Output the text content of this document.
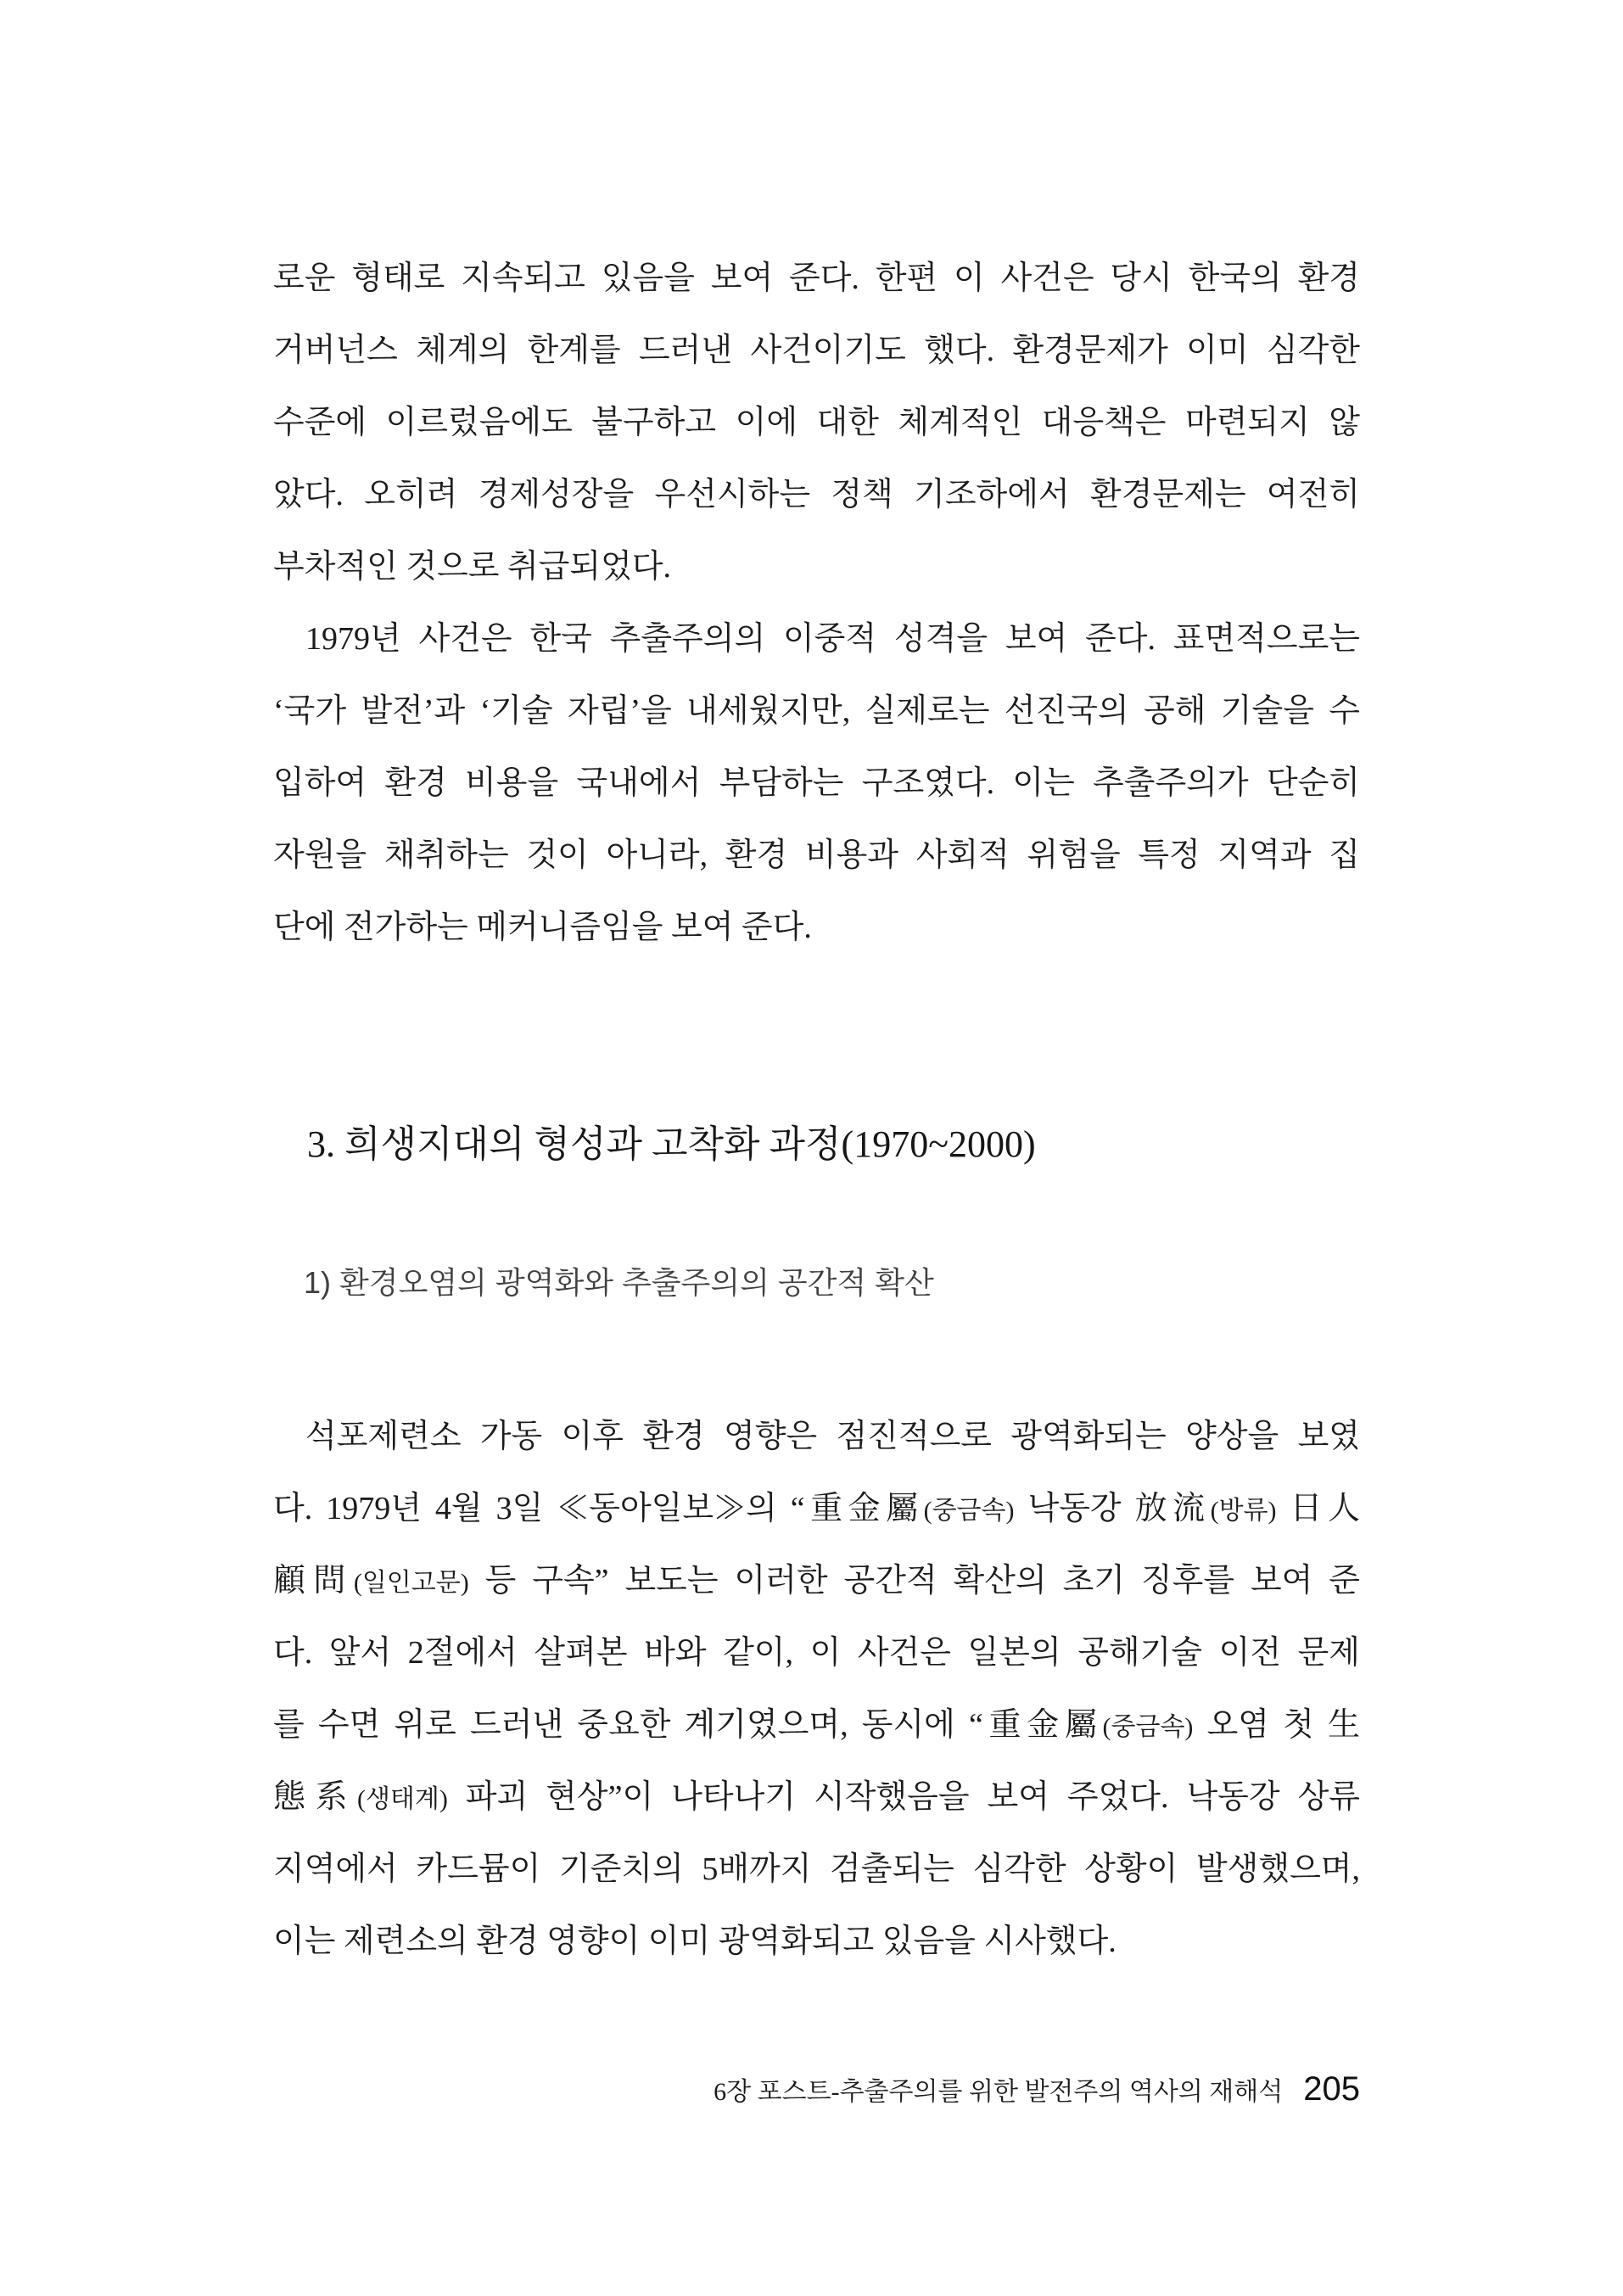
로운 형태로 지속되고 있음을 보여 준다. 한편 이 사건은 당시 한국의 환경
거버넌스 체계의 한계를 드러낸 사건이기도 했다. 환경문제가 이미 심각한
수준에 이르렀음에도 불구하고 이에 대한 체계적인 대응책은 마련되지 않
았다. 오히려 경제성장을 우선시하는 정책 기조하에서 환경문제는 여전히
부차적인 것으로 취급되었다.
1979년 사건은 한국 추출주의의 이중적 성격을 보여 준다. 표면적으로는
‘국가 발전’과 ‘기술 자립’을 내세웠지만, 실제로는 선진국의 공해 기술을 수
입하여 환경 비용을 국내에서 부담하는 구조였다. 이는 추출주의가 단순히
자원을 채취하는 것이 아니라, 환경 비용과 사회적 위험을 특정 지역과 집
단에 전가하는 메커니즘임을 보여 준다.
3. 희생지대의 형성과 고착화 과정(1970~2000)
1) 환경오염의 광역화와 추출주의의 공간적 확산
석포제련소 가동 이후 환경 영향은 점진적으로 광역화되는 양상을 보였
다. 1979년 4월 3일 ≪동아일보≫의 “重金屬(중금속) 낙동강 放流(방류) 日人
顧問(일인고문) 등 구속” 보도는 이러한 공간적 확산의 초기 징후를 보여 준
다. 앞서 2절에서 살펴본 바와 같이, 이 사건은 일본의 공해기술 이전 문제
를 수면 위로 드러낸 중요한 계기였으며, 동시에 “重金屬(중금속) 오염 첫 生
態系(생태계) 파괴 현상”이 나타나기 시작했음을 보여 주었다. 낙동강 상류
지역에서 카드뮴이 기준치의 5배까지 검출되는 심각한 상황이 발생했으며,
이는 제련소의 환경 영향이 이미 광역화되고 있음을 시사했다.
6장 포스트-추출주의를 위한 발전주의 역사의 재해석 205
